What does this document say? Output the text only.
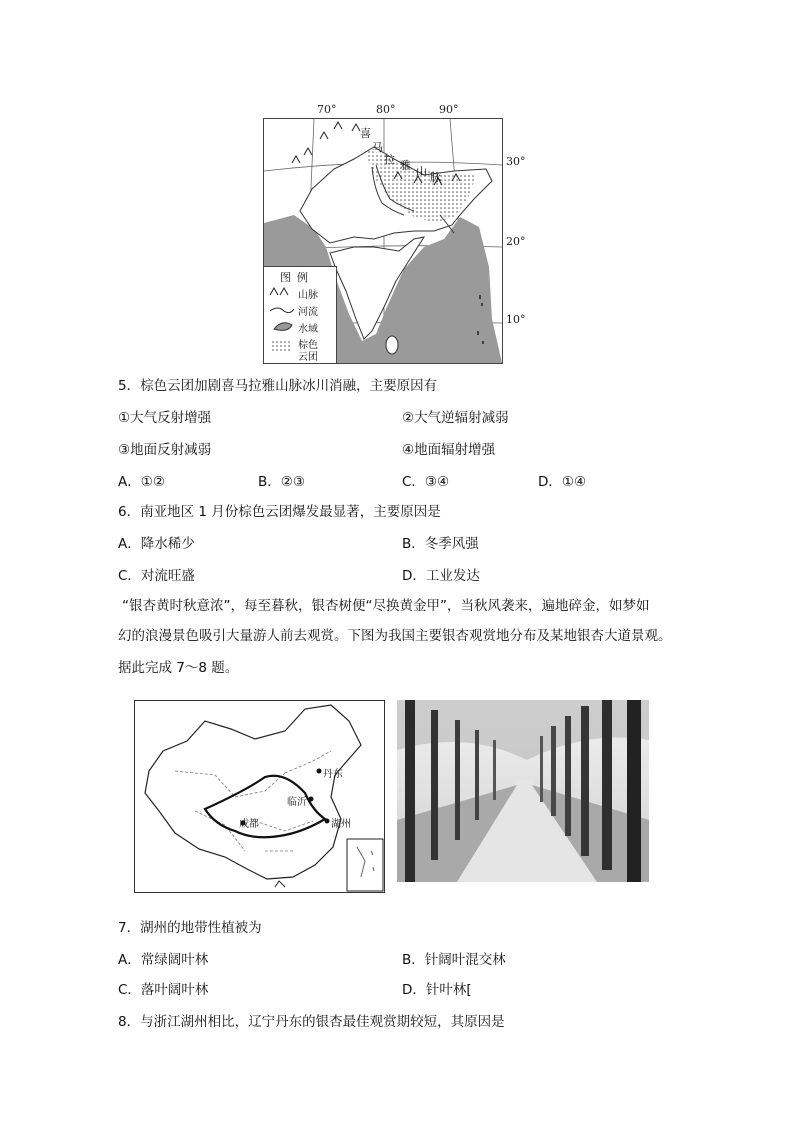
70°	80°	90°
30°
20°
10°
喜
马
拉 雅 山 脉
图例
山脉
河流
水域
棕色
云团
5．棕色云团加剧喜马拉雅山脉冰川消融，主要原因有
①大气反射增强	②大气逆辐射减弱
③地面反射减弱	④地面辐射增强
A．①②	B．②③	C．③④	D．①④
6．南亚地区 1 月份棕色云团爆发最显著，主要原因是
A．降水稀少	B．冬季风强
C．对流旺盛	D．工业发达
“银杏黄时秋意浓”，每至暮秋，银杏树便“尽换黄金甲”，当秋风袭来，遍地碎金，如梦如
幻的浪漫景色吸引大量游人前去观赏。下图为我国主要银杏观赏地分布及某地银杏大道景观。
据此完成 7～8 题。
丹东
临沂
成都	湖州
7．湖州的地带性植被为
A．常绿阔叶林	B．针阔叶混交林
C．落叶阔叶林	D．针叶林[
8．与浙江湖州相比，辽宁丹东的银杏最佳观赏期较短，其原因是
